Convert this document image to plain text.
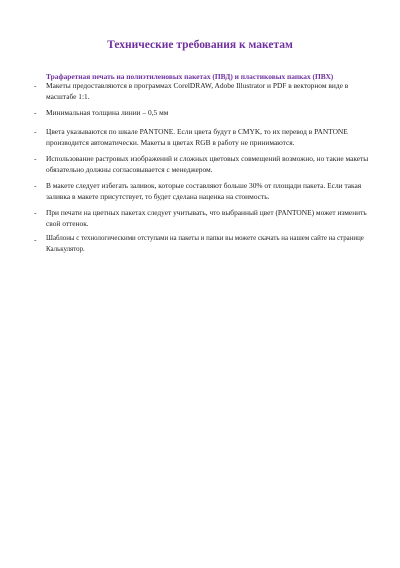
Технические требования к макетам
Трафаретная печать на полиэтиленовых пакетах (ПВД) и пластиковых папках (ПВХ)
- Макеты предоставляются в программах CorelDRAW, Adobe Illustrator и PDF в векторном виде в масштабе 1:1.
- Минимальная толщина линии – 0,5 мм
- Цвета указываются по шкале PANTONE. Если цвета будут в CMYK, то их перевод в PANTONE производится автоматически. Макеты в цветах RGB в работу не принимаются.
- Использование растровых изображений и сложных цветовых совмещений возможно, но такие макеты обязательно должны согласовывается с менеджером.
- В макете следует избегать заливок, которые составляют больше 30% от площади пакета. Если такая заливка в макете присутствует, то будет сделана наценка на стоимость.
- При печати на цветных пакетах следует учитывать, что выбранный цвет (PANTONE) может изменить свой оттенок.
- Шаблоны с технологическими отступами на пакеты и папки вы можете скачать на нашем сайте на странице Калькулятор.
